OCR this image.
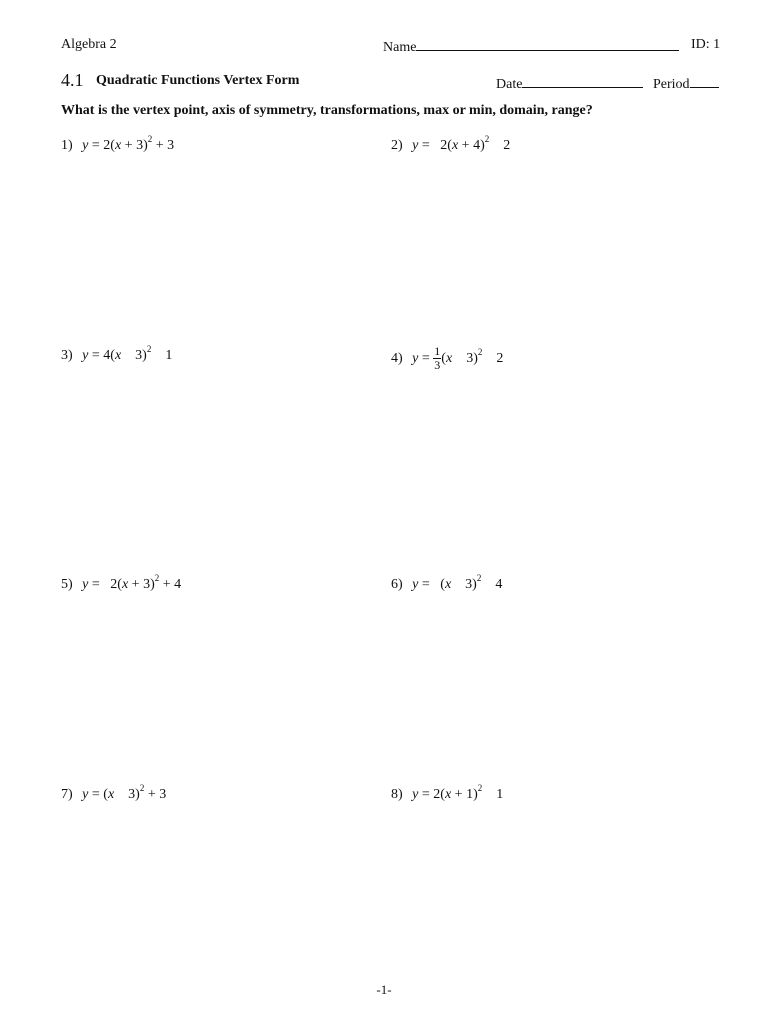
Algebra 2	Name	ID: 1
4.1 Quadratic Functions Vertex Form	Date	Period
What is the vertex point, axis of symmetry, transformations, max or min, domain, range?
1) $y = 2(x + 3)^2 + 3$	2) $y = 2(x + 4)^2$    2
3) y = 4(x    3)$^2$    1	4) $y = \frac{1}{3} (x$    3)$^2$    2
5) $y = 2(x + 3)^2 + 4$	6) y =   (x    3)$^2$    4
7) y = (x    3)$^2$ + 3	8) $y = 2(x + 1)^2$    1
-1-
